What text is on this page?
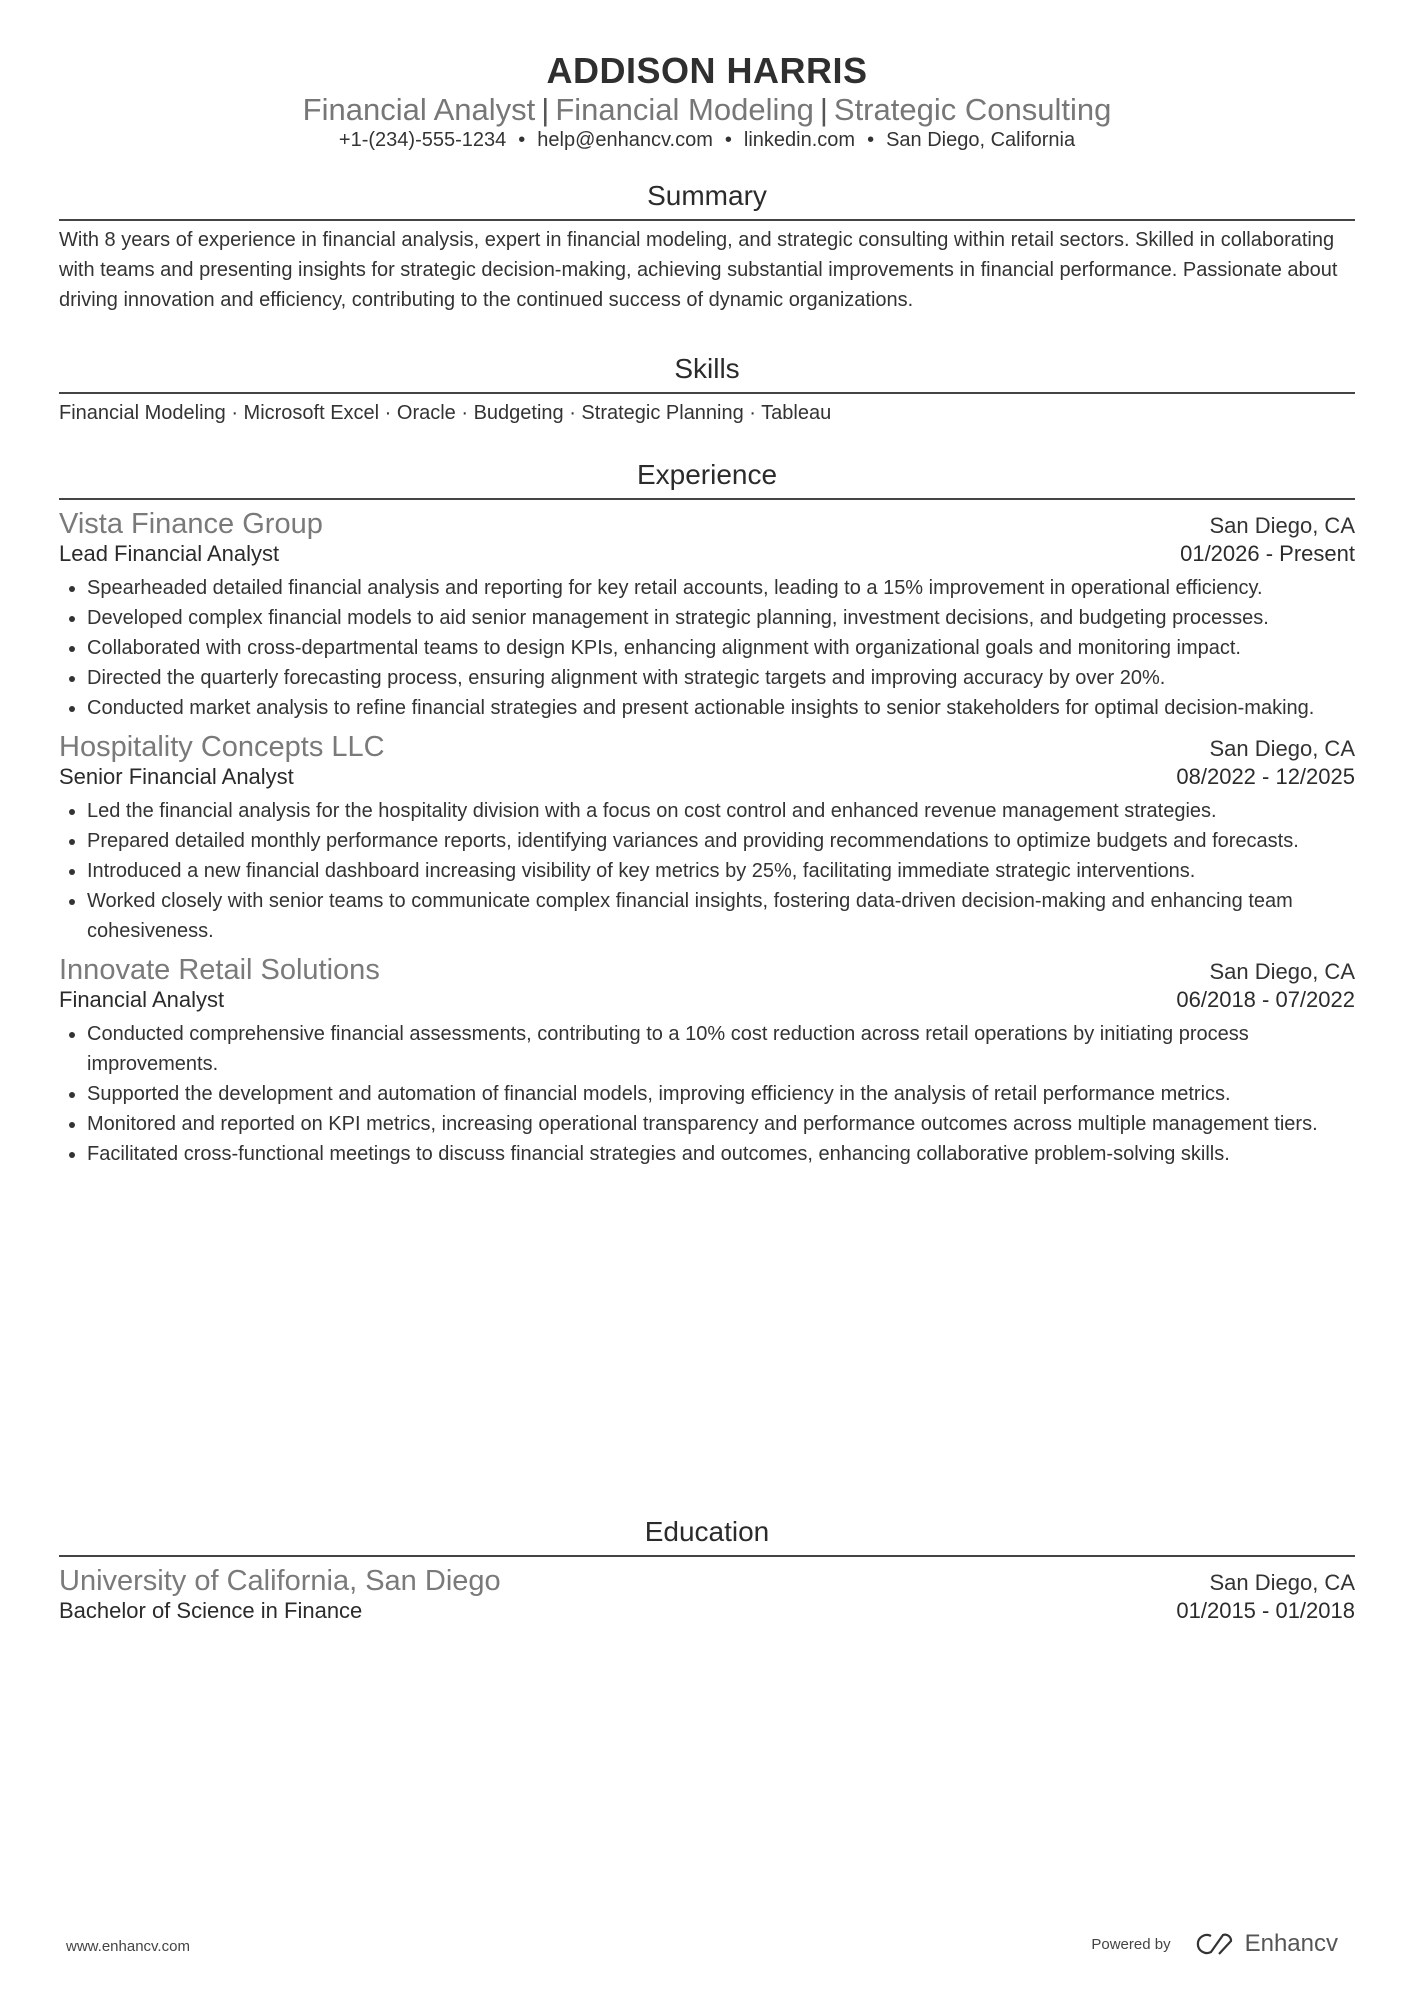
ADDISON HARRIS
Financial Analyst | Financial Modeling | Strategic Consulting
+1-(234)-555-1234 • help@enhancv.com • linkedin.com • San Diego, California
Summary
With 8 years of experience in financial analysis, expert in financial modeling, and strategic consulting within retail sectors. Skilled in collaborating with teams and presenting insights for strategic decision-making, achieving substantial improvements in financial performance. Passionate about driving innovation and efficiency, contributing to the continued success of dynamic organizations.
Skills
Financial Modeling · Microsoft Excel · Oracle · Budgeting · Strategic Planning · Tableau
Experience
Vista Finance Group	San Diego, CA
Lead Financial Analyst	01/2026 - Present
• Spearheaded detailed financial analysis and reporting for key retail accounts, leading to a 15% improvement in operational efficiency.
• Developed complex financial models to aid senior management in strategic planning, investment decisions, and budgeting processes.
• Collaborated with cross-departmental teams to design KPIs, enhancing alignment with organizational goals and monitoring impact.
• Directed the quarterly forecasting process, ensuring alignment with strategic targets and improving accuracy by over 20%.
• Conducted market analysis to refine financial strategies and present actionable insights to senior stakeholders for optimal decision-making.
Hospitality Concepts LLC	San Diego, CA
Senior Financial Analyst	08/2022 - 12/2025
• Led the financial analysis for the hospitality division with a focus on cost control and enhanced revenue management strategies.
• Prepared detailed monthly performance reports, identifying variances and providing recommendations to optimize budgets and forecasts.
• Introduced a new financial dashboard increasing visibility of key metrics by 25%, facilitating immediate strategic interventions.
• Worked closely with senior teams to communicate complex financial insights, fostering data-driven decision-making and enhancing team cohesiveness.
Innovate Retail Solutions	San Diego, CA
Financial Analyst	06/2018 - 07/2022
• Conducted comprehensive financial assessments, contributing to a 10% cost reduction across retail operations by initiating process improvements.
• Supported the development and automation of financial models, improving efficiency in the analysis of retail performance metrics.
• Monitored and reported on KPI metrics, increasing operational transparency and performance outcomes across multiple management tiers.
• Facilitated cross-functional meetings to discuss financial strategies and outcomes, enhancing collaborative problem-solving skills.
Education
University of California, San Diego	San Diego, CA
Bachelor of Science in Finance	01/2015 - 01/2018
www.enhancv.com	Powered by	Enhancv
